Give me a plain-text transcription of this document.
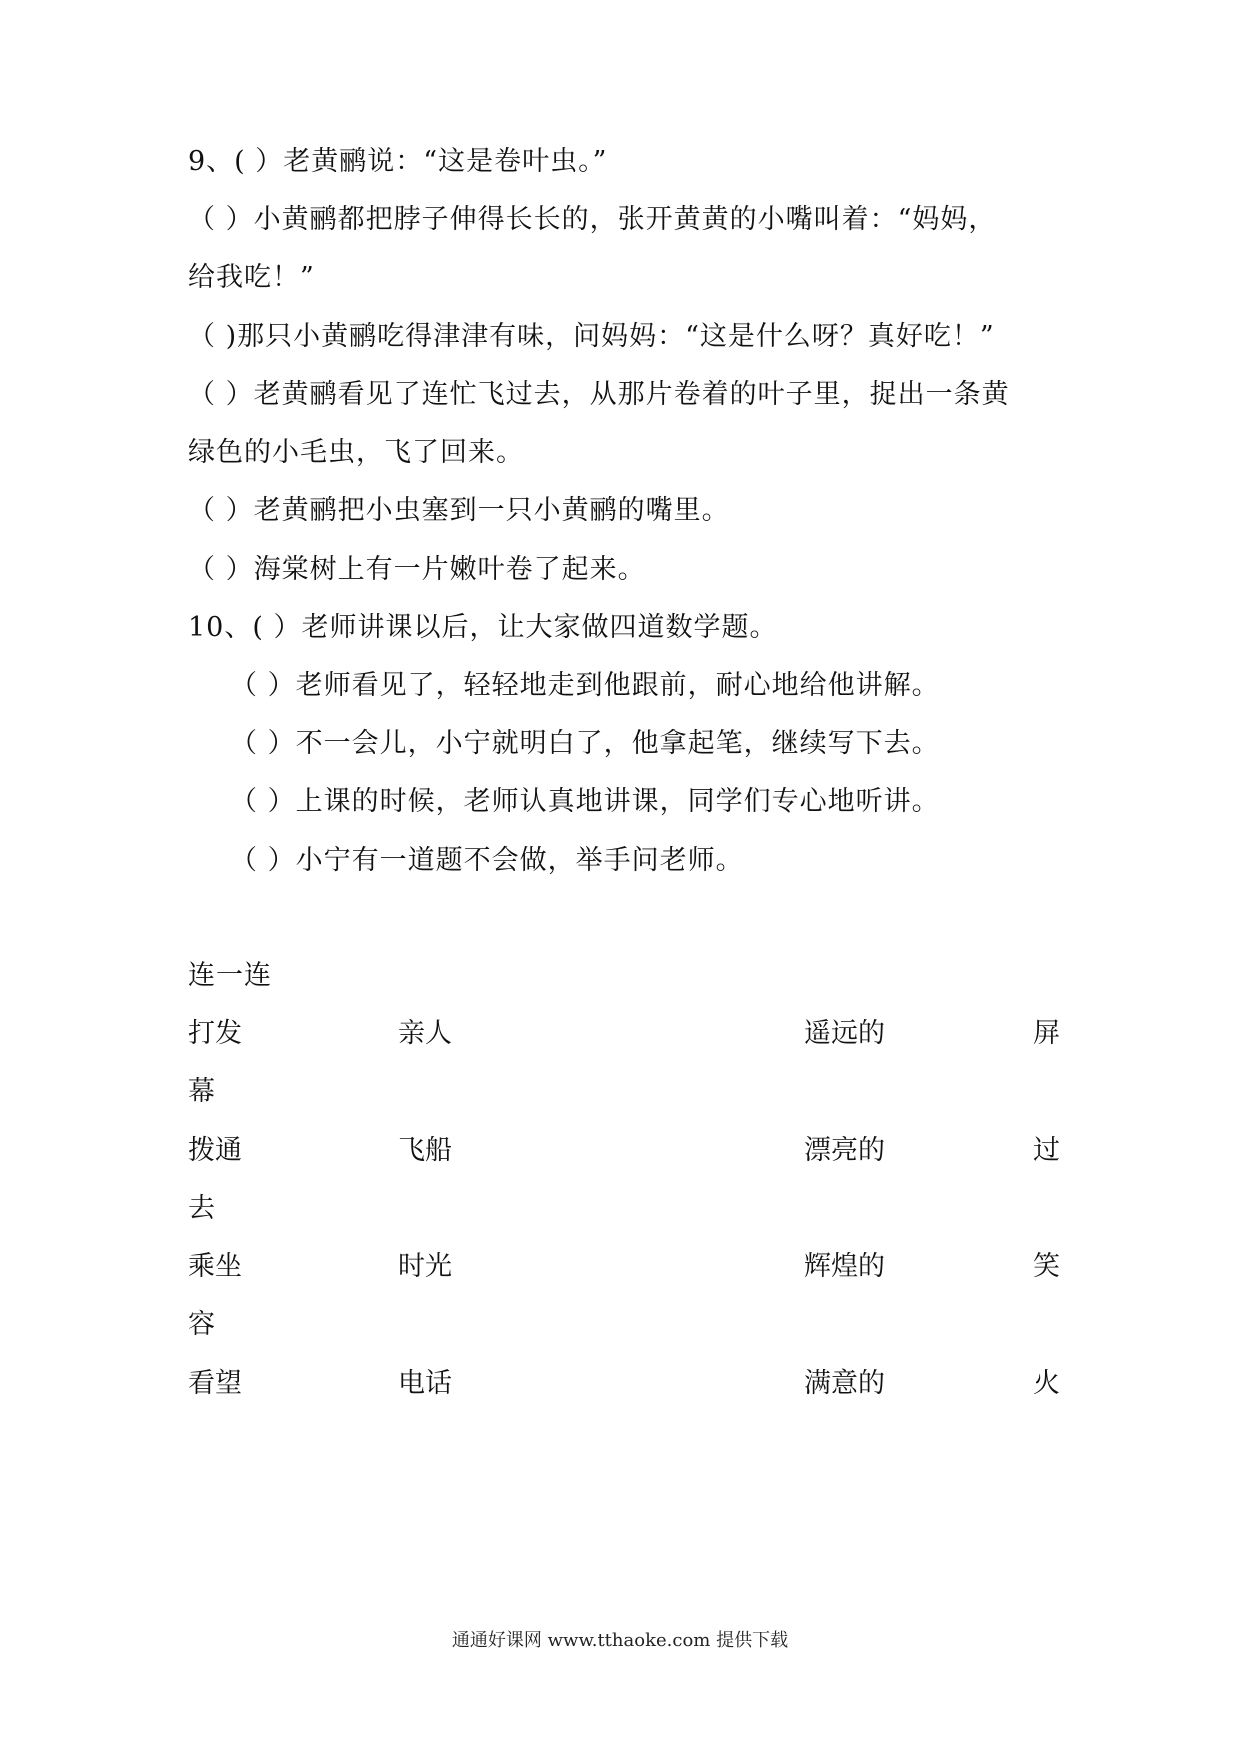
9、( ）老黄鹂说：“这是卷叶虫。”
（ ）小黄鹂都把脖子伸得长长的，张开黄黄的小嘴叫着：“妈妈，
给我吃！”
（ )那只小黄鹂吃得津津有味，问妈妈：“这是什么呀？真好吃！”
（ ）老黄鹂看见了连忙飞过去，从那片卷着的叶子里，捉出一条黄
绿色的小毛虫，飞了回来。
（ ）老黄鹂把小虫塞到一只小黄鹂的嘴里。
（ ）海棠树上有一片嫩叶卷了起来。
10、( ）老师讲课以后，让大家做四道数学题。
（ ）老师看见了，轻轻地走到他跟前，耐心地给他讲解。
（ ）不一会儿，小宁就明白了，他拿起笔，继续写下去。
（ ）上课的时候，老师认真地讲课，同学们专心地听讲。
（ ）小宁有一道题不会做，举手问老师。
连一连
打发	亲人	遥远的	屏
幕
拨通	飞船	漂亮的	过
去
乘坐	时光	辉煌的	笑
容
看望	电话	满意的	火
通通好课网 www.tthaoke.com 提供下载
